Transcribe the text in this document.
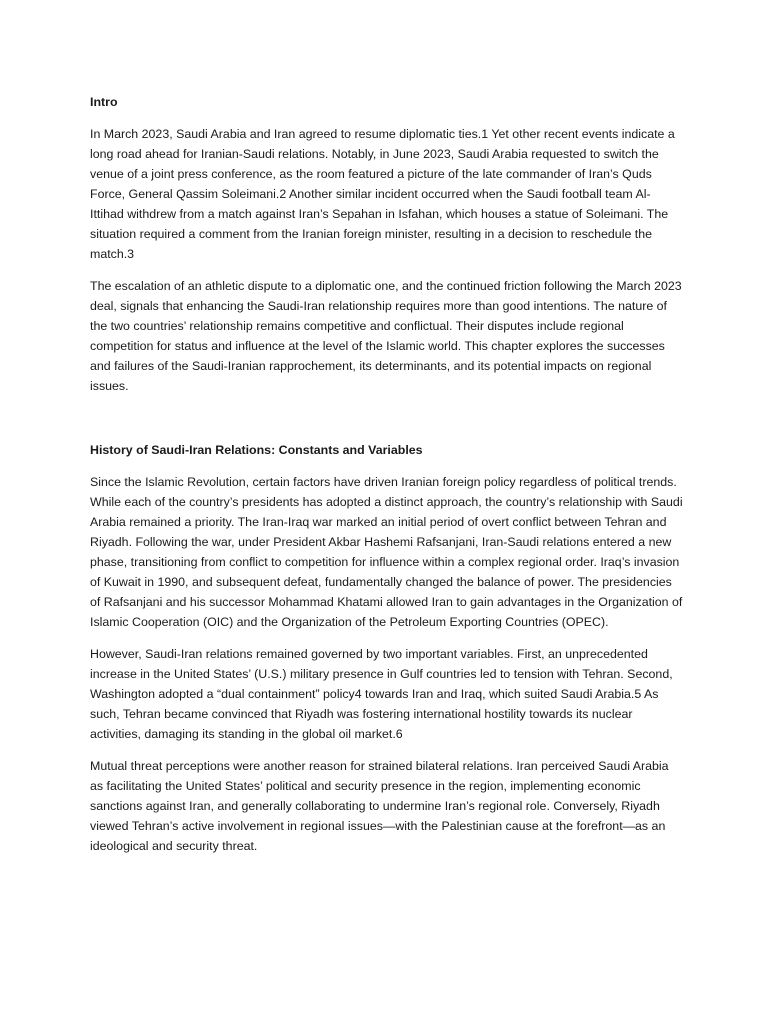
Intro

In March 2023, Saudi Arabia and Iran agreed to resume diplomatic ties.1 Yet other recent events indicate a long road ahead for Iranian-Saudi relations. Notably, in June 2023, Saudi Arabia requested to switch the venue of a joint press conference, as the room featured a picture of the late commander of Iran’s Quds Force, General Qassim Soleimani.2 Another similar incident occurred when the Saudi football team Al-Ittihad withdrew from a match against Iran’s Sepahan in Isfahan, which houses a statue of Soleimani. The situation required a comment from the Iranian foreign minister, resulting in a decision to reschedule the match.3

The escalation of an athletic dispute to a diplomatic one, and the continued friction following the March 2023 deal, signals that enhancing the Saudi-Iran relationship requires more than good intentions. The nature of the two countries’ relationship remains competitive and conflictual. Their disputes include regional competition for status and influence at the level of the Islamic world. This chapter explores the successes and failures of the Saudi-Iranian rapprochement, its determinants, and its potential impacts on regional issues.

History of Saudi-Iran Relations: Constants and Variables

Since the Islamic Revolution, certain factors have driven Iranian foreign policy regardless of political trends. While each of the country’s presidents has adopted a distinct approach, the country’s relationship with Saudi Arabia remained a priority. The Iran-Iraq war marked an initial period of overt conflict between Tehran and Riyadh. Following the war, under President Akbar Hashemi Rafsanjani, Iran-Saudi relations entered a new phase, transitioning from conflict to competition for influence within a complex regional order. Iraq’s invasion of Kuwait in 1990, and subsequent defeat, fundamentally changed the balance of power. The presidencies of Rafsanjani and his successor Mohammad Khatami allowed Iran to gain advantages in the Organization of Islamic Cooperation (OIC) and the Organization of the Petroleum Exporting Countries (OPEC).

However, Saudi-Iran relations remained governed by two important variables. First, an unprecedented increase in the United States’ (U.S.) military presence in Gulf countries led to tension with Tehran. Second, Washington adopted a “dual containment” policy4 towards Iran and Iraq, which suited Saudi Arabia.5 As such, Tehran became convinced that Riyadh was fostering international hostility towards its nuclear activities, damaging its standing in the global oil market.6

Mutual threat perceptions were another reason for strained bilateral relations. Iran perceived Saudi Arabia as facilitating the United States’ political and security presence in the region, implementing economic sanctions against Iran, and generally collaborating to undermine Iran’s regional role. Conversely, Riyadh viewed Tehran’s active involvement in regional issues—with the Palestinian cause at the forefront—as an ideological and security threat.
